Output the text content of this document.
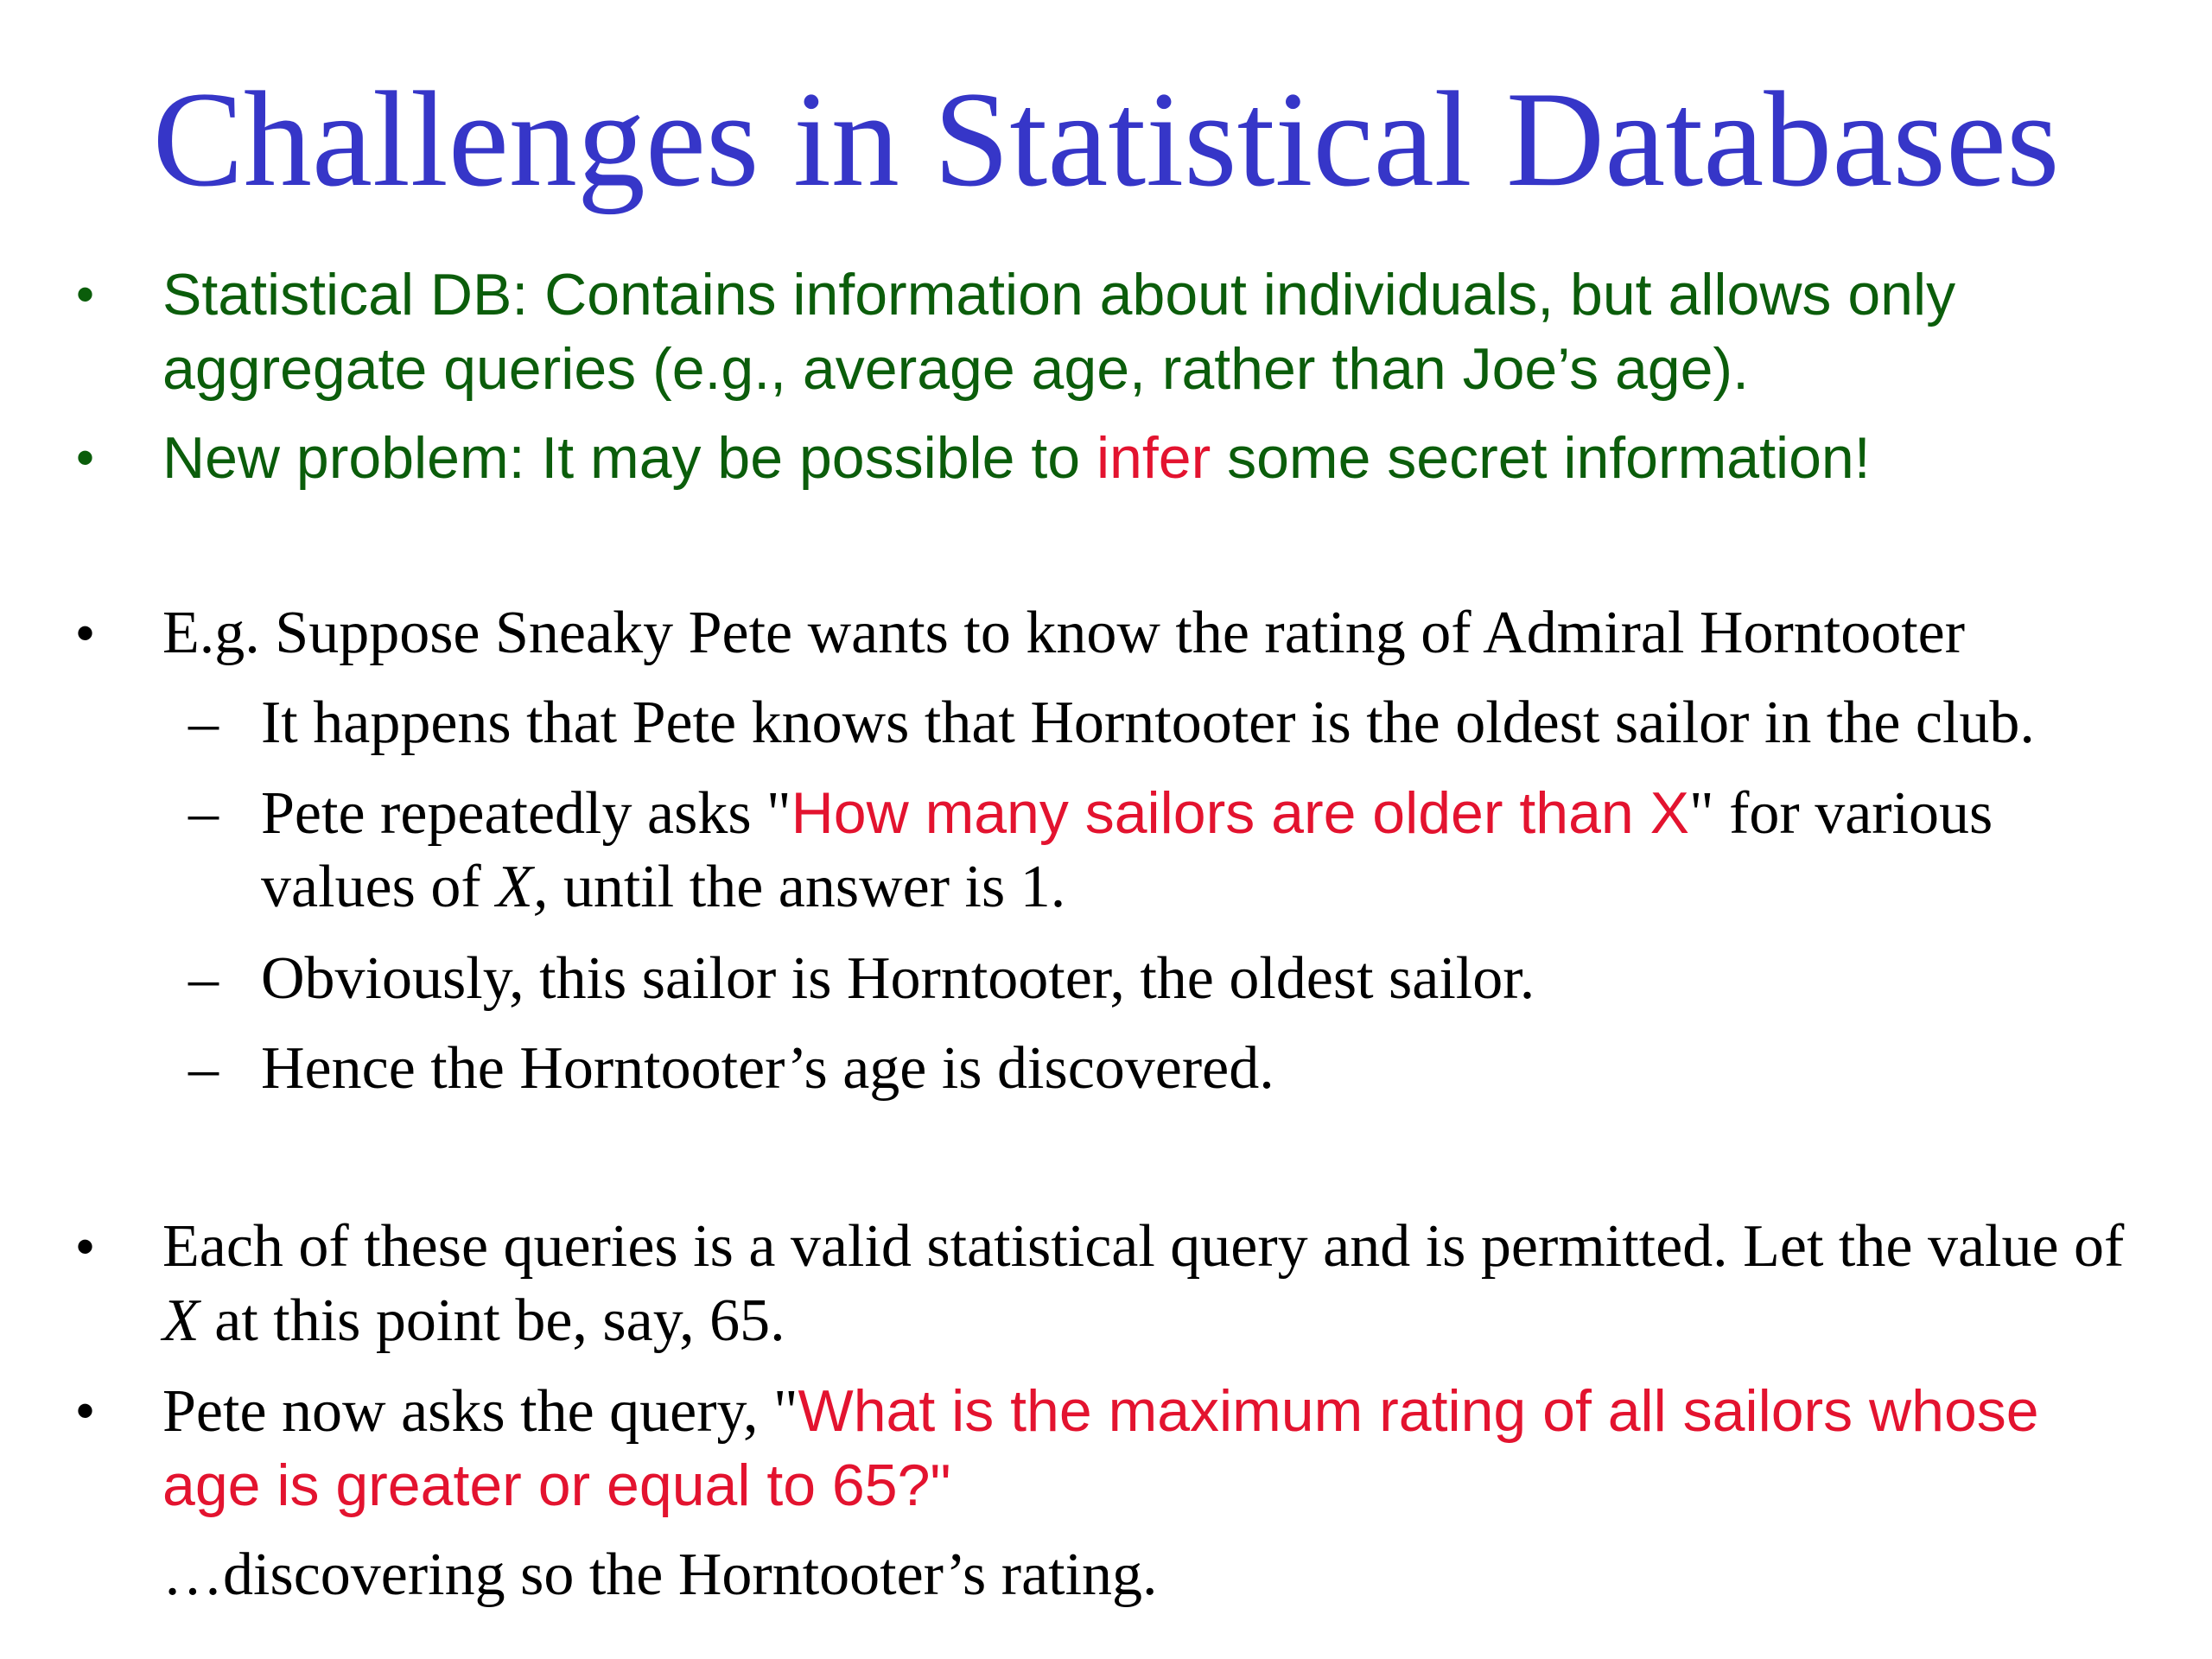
Challenges in Statistical Databases
• Statistical DB: Contains information about individuals, but allows only
aggregate queries (e.g., average age, rather than Joe’s age).
• New problem: It may be possible to infer some secret information!
• E.g. Suppose Sneaky Pete wants to know the rating of Admiral Horntooter
– It happens that Pete knows that Horntooter is the oldest sailor in the club.
– Pete repeatedly asks "How many sailors are older than X" for various
values of X, until the answer is 1.
– Obviously, this sailor is Horntooter, the oldest sailor.
– Hence the Horntooter’s age is discovered.
• Each of these queries is a valid statistical query and is permitted. Let the value of
X at this point be, say, 65.
• Pete now asks the query, "What is the maximum rating of all sailors whose
age is greater or equal to 65?"
…discovering so the Horntooter’s rating.
